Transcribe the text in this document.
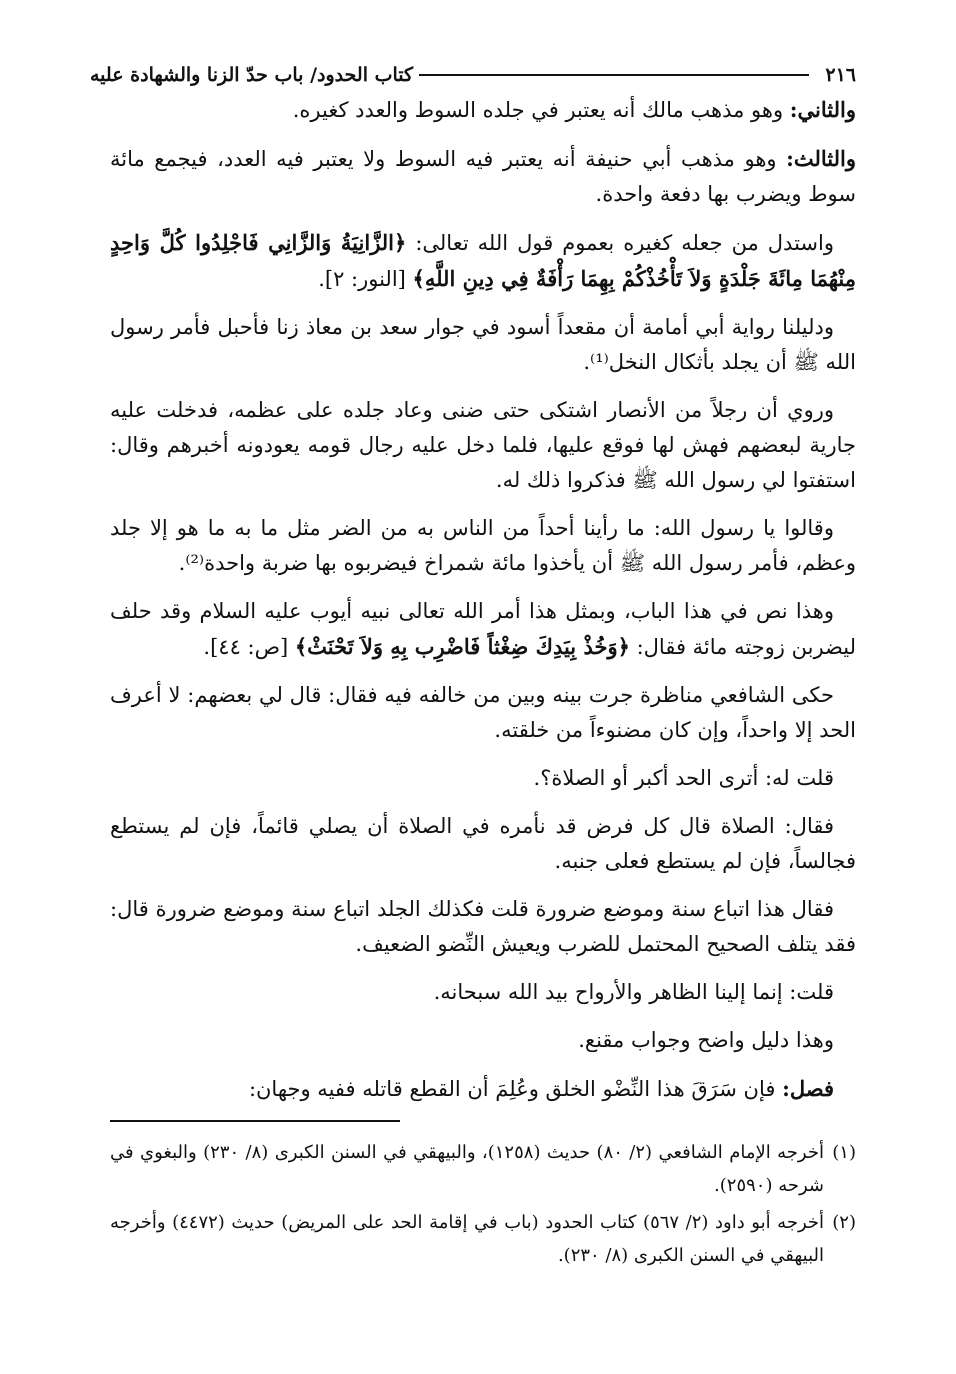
٢١٦
كتاب الحدود/ باب حدّ الزنا والشهادة عليه

والثاني: وهو مذهب مالك أنه يعتبر في جلده السوط والعدد كغيره.

والثالث: وهو مذهب أبي حنيفة أنه يعتبر فيه السوط ولا يعتبر فيه العدد، فيجمع مائة سوط ويضرب بها دفعة واحدة.

واستدل من جعله كغيره بعموم قول الله تعالى: ﴿الزَّانِيَةُ وَالزَّانِي فَاجْلِدُوا كُلَّ وَاحِدٍ مِنْهُمَا مِائَةَ جَلْدَةٍ وَلاَ تَأْخُذْكُمْ بِهِمَا رَأْفَةٌ فِي دِينِ اللَّهِ﴾ [النور: ٢].

ودليلنا رواية أبي أمامة أن مقعداً أسود في جوار سعد بن معاذ زنا فأحبل فأمر رسول الله ﷺ أن يجلد بأثكال النخل⁽¹⁾.

وروي أن رجلاً من الأنصار اشتكى حتى ضنى وعاد جلده على عظمه، فدخلت عليه جارية لبعضهم فهش لها فوقع عليها، فلما دخل عليه رجال قومه يعودونه أخبرهم وقال: استفتوا لي رسول الله ﷺ فذكروا ذلك له.

وقالوا يا رسول الله: ما رأينا أحداً من الناس به من الضر مثل ما به ما هو إلا جلد وعظم، فأمر رسول الله ﷺ أن يأخذوا مائة شمراخ فيضربوه بها ضربة واحدة⁽²⁾.

وهذا نص في هذا الباب، وبمثل هذا أمر الله تعالى نبيه أيوب عليه السلام وقد حلف ليضربن زوجته مائة فقال: ﴿وَخُذْ بِيَدِكَ ضِغْثاً فَاضْرِب بِهِ وَلاَ تَحْنَثْ﴾ [ص: ٤٤].

حكى الشافعي مناظرة جرت بينه وبين من خالفه فيه فقال: قال لي بعضهم: لا أعرف الحد إلا واحداً، وإن كان مضنوءاً من خلقته.

قلت له: أترى الحد أكبر أو الصلاة؟.

فقال: الصلاة قال كل فرض قد نأمره في الصلاة أن يصلي قائماً، فإن لم يستطع فجالساً، فإن لم يستطع فعلى جنبه.

فقال هذا اتباع سنة وموضع ضرورة قلت فكذلك الجلد اتباع سنة وموضع ضرورة قال: فقد يتلف الصحيح المحتمل للضرب ويعيش النِّضو الضعيف.

قلت: إنما إلينا الظاهر والأرواح بيد الله سبحانه.

وهذا دليل واضح وجواب مقنع.

فصل: فإن سَرَقَ هذا النِّضْو الخلق وعُلِمَ أن القطع قاتله ففيه وجهان:

(١)
أخرجه الإمام الشافعي (٢/ ٨٠) حديث (١٢٥٨)، والبيهقي في السنن الكبرى (٨/ ٢٣٠) والبغوي في شرحه (٢٥٩٠).
(٢)
أخرجه أبو داود (٢/ ٥٦٧) كتاب الحدود (باب في إقامة الحد على المريض) حديث (٤٤٧٢) وأخرجه البيهقي في السنن الكبرى (٨/ ٢٣٠).
